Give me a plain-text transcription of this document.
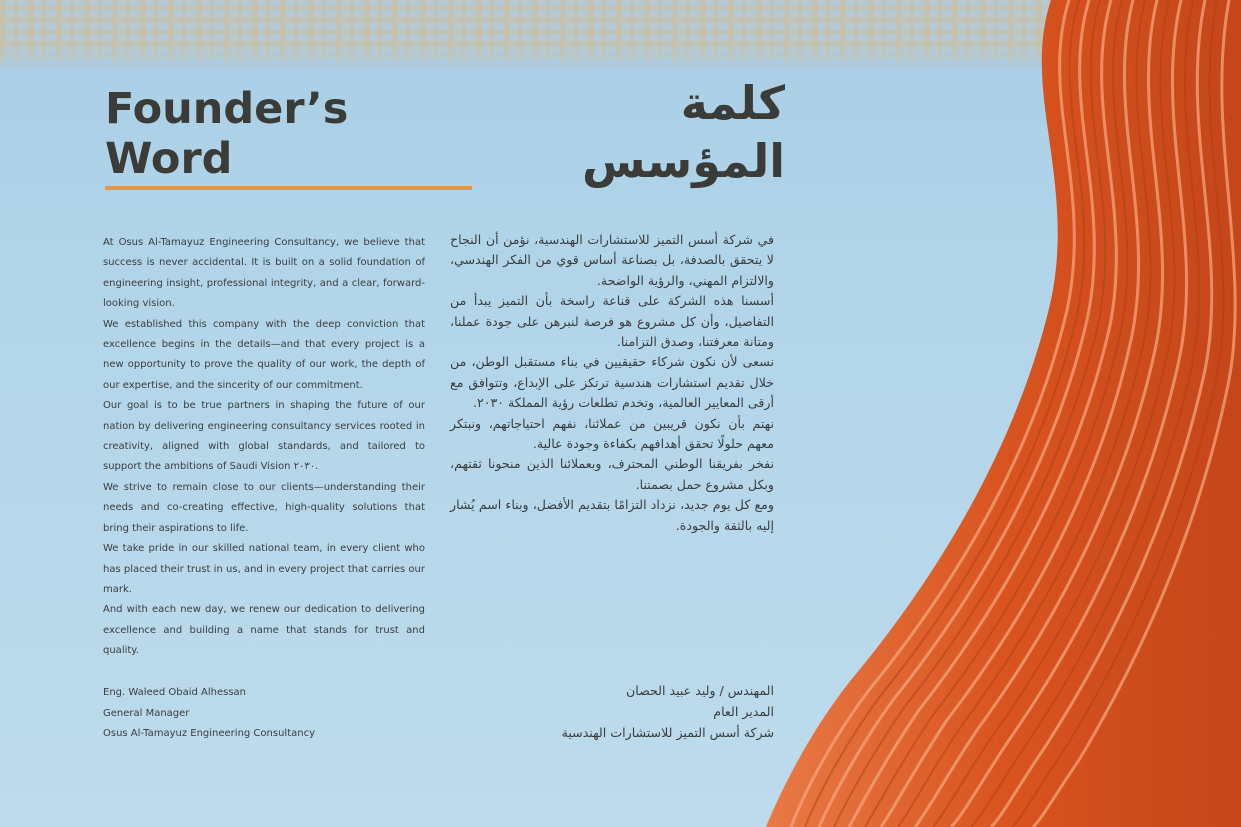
Founder’s Word
كلمة المؤسس

At Osus Al-Tamayuz Engineering Consultancy, we believe that success is never accidental. It is built on a solid foundation of engineering insight, professional integrity, and a clear, forward-looking vision.

We established this company with the deep conviction that excellence begins in the details—and that every project is a new opportunity to prove the quality of our work, the depth of our expertise, and the sincerity of our commitment.

Our goal is to be true partners in shaping the future of our nation by delivering engineering consultancy services rooted in creativity, aligned with global standards, and tailored to support the ambitions of Saudi Vision ٢٠٣٠.

We strive to remain close to our clients—understanding their needs and co-creating effective, high-quality solutions that bring their aspirations to life.

We take pride in our skilled national team, in every client who has placed their trust in us, and in every project that carries our mark.

And with each new day, we renew our dedication to delivering excellence and building a name that stands for trust and quality.

في شركة أسس التميز للاستشارات الهندسية، نؤمن أن النجاح لا يتحقق بالصدفة، بل بصناعة أساس قوي من الفكر الهندسي، والالتزام المهني، والرؤية الواضحة.

أسسنا هذه الشركة على قناعة راسخة بأن التميز يبدأ من التفاصيل، وأن كل مشروع هو فرصة لنبرهن على جودة عملنا، ومتانة معرفتنا، وصدق التزامنا.

نسعى لأن نكون شركاء حقيقيين في بناء مستقبل الوطن، من خلال تقديم استشارات هندسية ترتكز على الإبداع، وتتوافق مع أرقى المعايير العالمية، وتخدم تطلعات رؤية المملكة ٢٠٣٠.

نهتم بأن نكون قريبين من عملائنا، نفهم احتياجاتهم، ونبتكر معهم حلولًا تحقق أهدافهم بكفاءة وجودة عالية.

نفخر بفريقنا الوطني المحترف، وبعملائنا الذين منحونا ثقتهم، وبكل مشروع حمل بصمتنا.

ومع كل يوم جديد، نزداد التزامًا بتقديم الأفضل، وبناء اسم يُشار إليه بالثقة والجودة.

Eng. Waleed Obaid Alhessan
General Manager
Osus Al-Tamayuz Engineering Consultancy
المهندس / وليد عبيد الحصان
المدير العام
شركة أسس التميز للاستشارات الهندسية
